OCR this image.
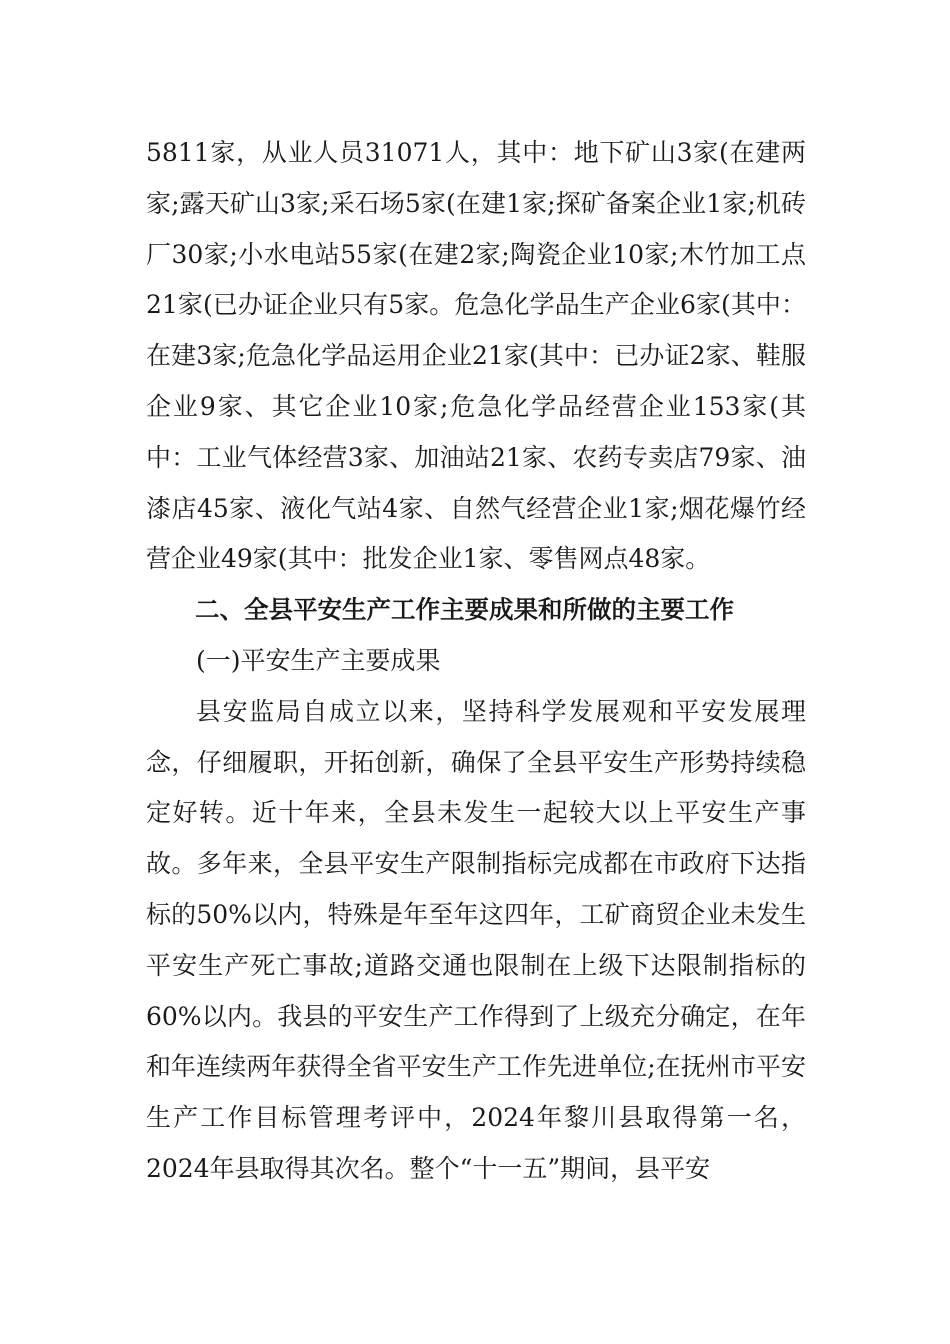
5811家，从业人员31071人，其中：地下矿山3家(在建两家;露天矿山3家;采石场5家(在建1家;探矿备案企业1家;机砖厂30家;小水电站55家(在建2家;陶瓷企业10家;木竹加工点21家(已办证企业只有5家。危急化学品生产企业6家(其中：在建3家;危急化学品运用企业21家(其中：已办证2家、鞋服企业9家、其它企业10家;危急化学品经营企业153家(其中：工业气体经营3家、加油站21家、农药专卖店79家、油漆店45家、液化气站4家、自然气经营企业1家;烟花爆竹经营企业49家(其中：批发企业1家、零售网点48家。

二、全县平安生产工作主要成果和所做的主要工作

(一)平安生产主要成果

县安监局自成立以来，坚持科学发展观和平安发展理念，仔细履职，开拓创新，确保了全县平安生产形势持续稳定好转。近十年来，全县未发生一起较大以上平安生产事故。多年来，全县平安生产限制指标完成都在市政府下达指标的50%以内，特殊是年至年这四年，工矿商贸企业未发生平安生产死亡事故;道路交通也限制在上级下达限制指标的60%以内。我县的平安生产工作得到了上级充分确定，在年和年连续两年获得全省平安生产工作先进单位;在抚州市平安生产工作目标管理考评中，2024年黎川县取得第一名，2024年县取得其次名。整个“十一五”期间，县平安
